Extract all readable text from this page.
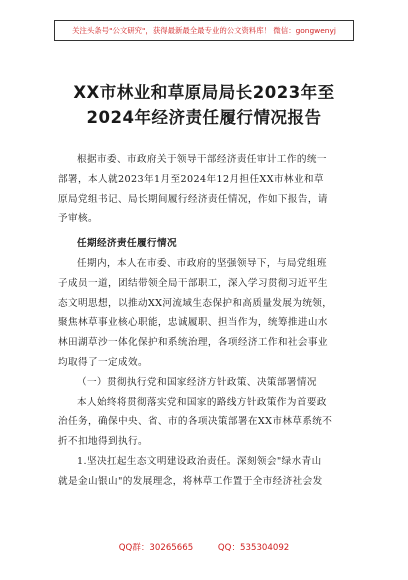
关注头条号"公文研究"，获得最新最全最专业的公文资料库！ 微信：gongwenyj
XX市林业和草原局局长2023年至
2024年经济责任履行情况报告
根据市委、市政府关于领导干部经济责任审计工作的统一
部署，本人就2023年1月至2024年12月担任XX市林业和草
原局党组书记、局长期间履行经济责任情况，作如下报告，请
予审核。
任期经济责任履行情况
任期内，本人在市委、市政府的坚强领导下，与局党组班
子成员一道，团结带领全局干部职工，深入学习贯彻习近平生
态文明思想，以推动XX河流域生态保护和高质量发展为统领，
聚焦林草事业核心职能，忠诚履职、担当作为，统筹推进山水
林田湖草沙一体化保护和系统治理，各项经济工作和社会事业
均取得了一定成效。
（一）贯彻执行党和国家经济方针政策、决策部署情况
本人始终将贯彻落实党和国家的路线方针政策作为首要政
治任务，确保中央、省、市的各项决策部署在XX市林草系统不
折不扣地得到执行。
1.坚决扛起生态文明建设政治责任。深刻领会"绿水青山
就是金山银山"的发展理念，将林草工作置于全市经济社会发
QQ群：30265665	QQ：535304092
